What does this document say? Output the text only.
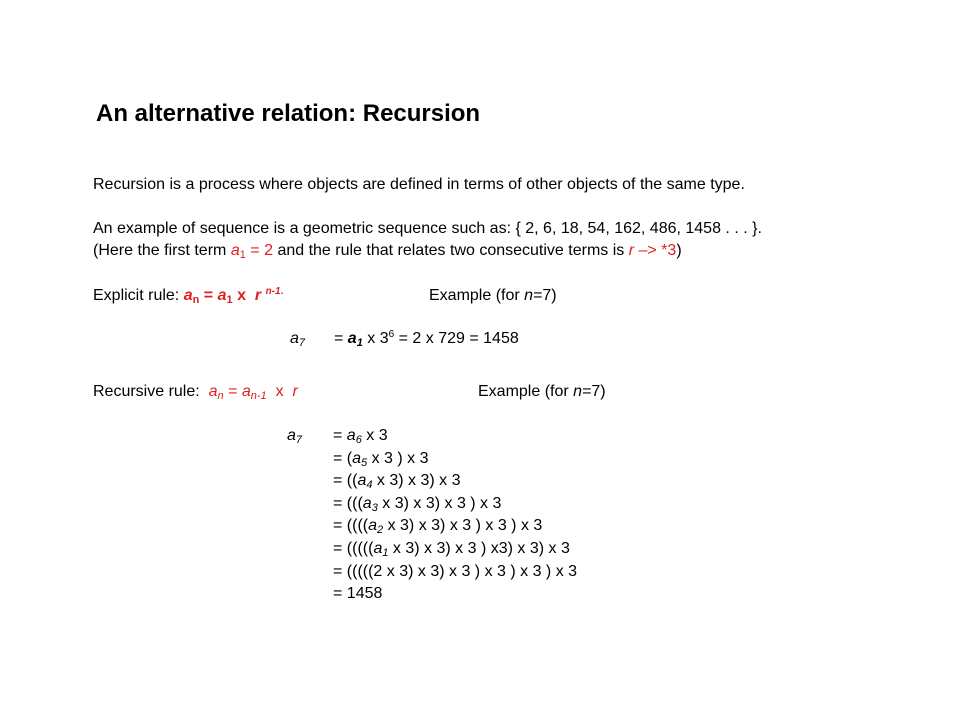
An alternative relation: Recursion
Recursion is a process where objects are defined in terms of other objects of the same type.
An example of sequence is a geometric sequence such as: { 2, 6, 18, 54, 162, 486, 1458 . . . }.
(Here the first term $a_1 = 2$ and the rule that relates two consecutive terms is r –> *3)
Explicit rule: $a_n = a_1$ x r $^{n-1.}$	Example (for n=7)
$a_7 = a_1$ x $3^6 = 2$ x 729 = 1458
Recursive rule: $a_n = a_{n-1}$ x r	Example (for n=7)
$a_7 = a_6$ x 3
= ($a_5$ x 3 ) x 3
= (($a_4$ x 3) x 3) x 3
= ((($a_3$ x 3) x 3) x 3 ) x 3
= (((($a_2$ x 3) x 3) x 3 ) x 3 ) x 3
= ((((($a_1$ x 3) x 3) x 3 ) x3) x 3) x 3
= (((((2 x 3) x 3) x 3 ) x 3 ) x 3 ) x 3
= 1458
